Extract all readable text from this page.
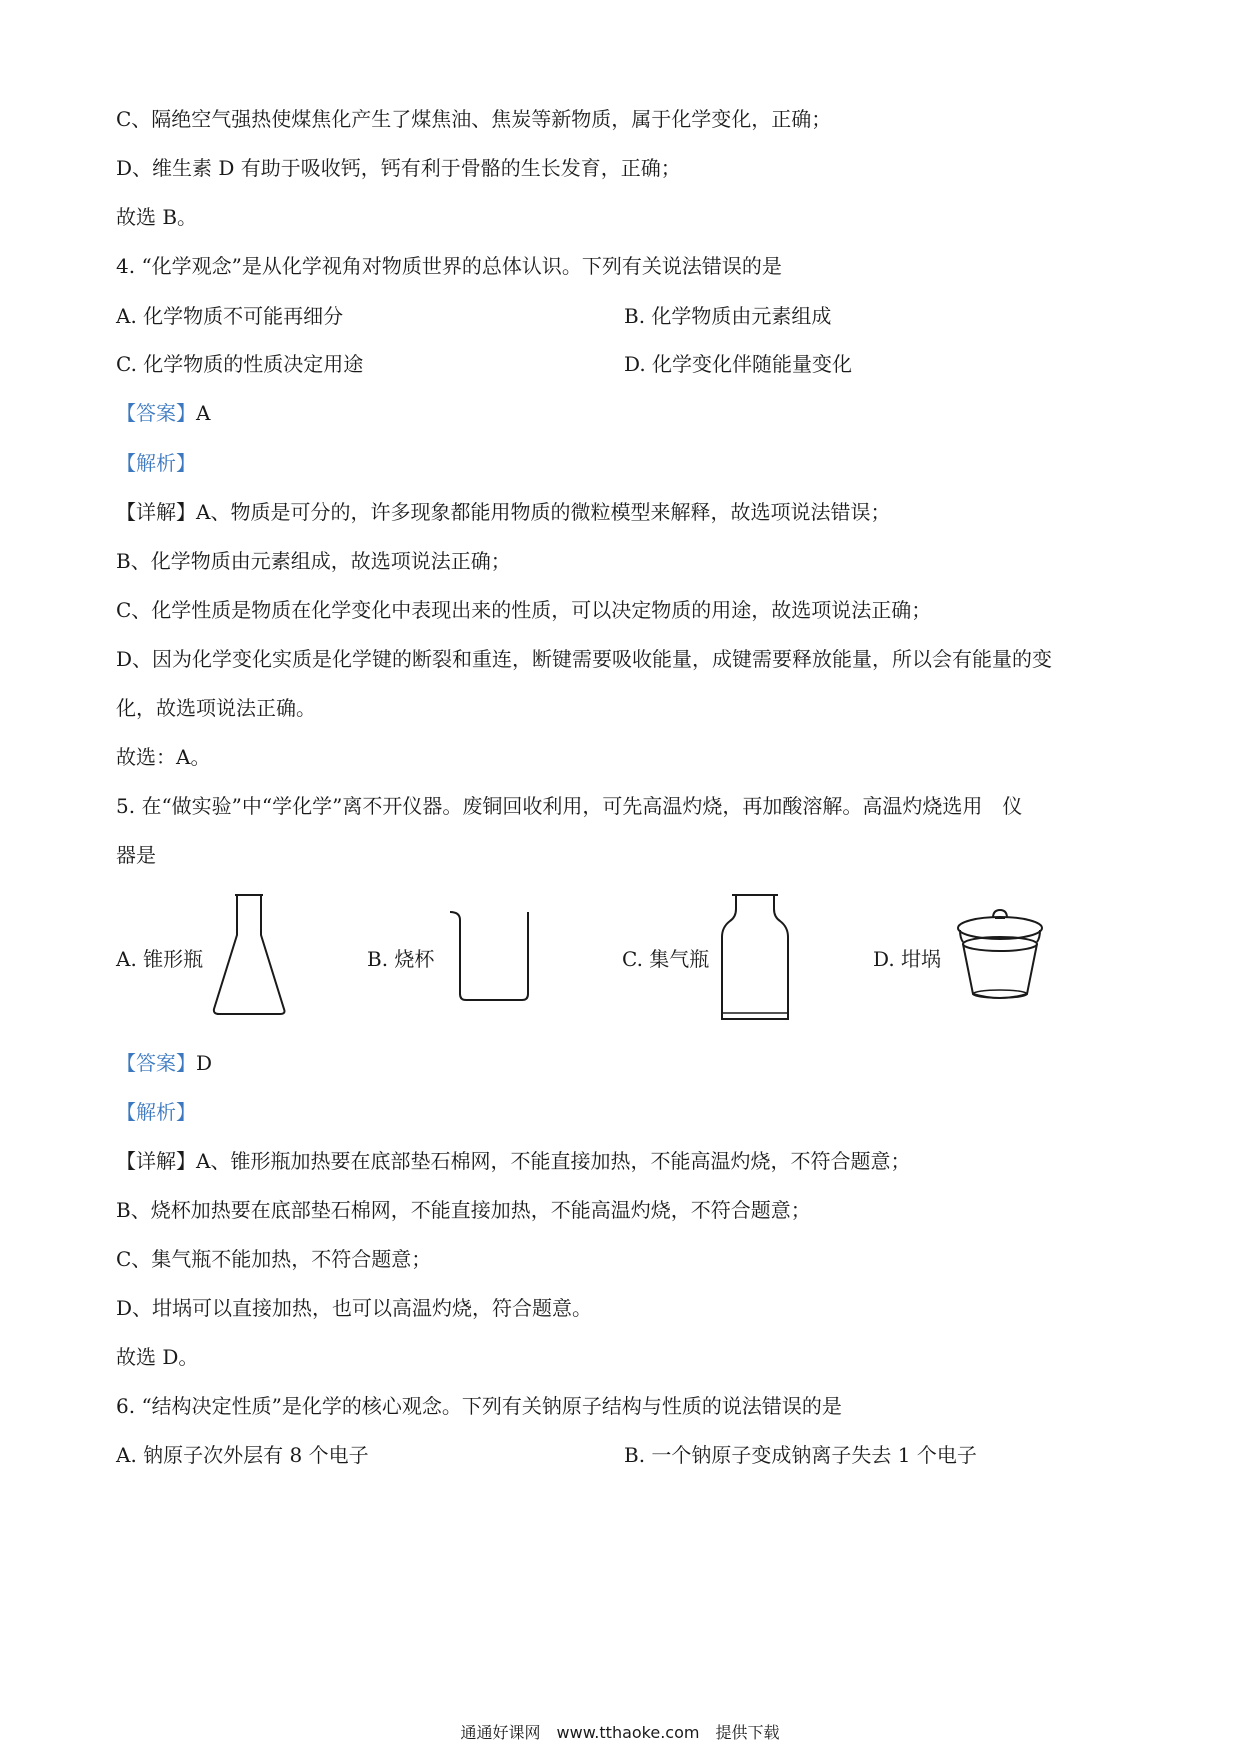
C、隔绝空气强热使煤焦化产生了煤焦油、焦炭等新物质，属于化学变化，正确；
D、维生素 D 有助于吸收钙，钙有利于骨骼的生长发育，正确；
故选 B。
4. “化学观念”是从化学视角对物质世界的总体认识。下列有关说法错误的是
A. 化学物质不可能再细分	B. 化学物质由元素组成
C. 化学物质的性质决定用途	D. 化学变化伴随能量变化
【答案】A
【解析】
【详解】A、物质是可分的，许多现象都能用物质的微粒模型来解释，故选项说法错误；
B、化学物质由元素组成，故选项说法正确；
C、化学性质是物质在化学变化中表现出来的性质，可以决定物质的用途，故选项说法正确；
D、因为化学变化实质是化学键的断裂和重连，断键需要吸收能量，成键需要释放能量，所以会有能量的变
化，故选项说法正确。
故选：A。
5. 在“做实验”中“学化学”离不开仪器。废铜回收利用，可先高温灼烧，再加酸溶解。高温灼烧选用　仪
器是
A. 锥形瓶	B. 烧杯	C. 集气瓶	D. 坩埚
【答案】D
【解析】
【详解】A、锥形瓶加热要在底部垫石棉网，不能直接加热，不能高温灼烧，不符合题意；
B、烧杯加热要在底部垫石棉网，不能直接加热，不能高温灼烧，不符合题意；
C、集气瓶不能加热，不符合题意；
D、坩埚可以直接加热，也可以高温灼烧，符合题意。
故选 D。
6. “结构决定性质”是化学的核心观念。下列有关钠原子结构与性质的说法错误的是
A. 钠原子次外层有 8 个电子	B. 一个钠原子变成钠离子失去 1 个电子
通通好课网　www.tthaoke.com　提供下载
